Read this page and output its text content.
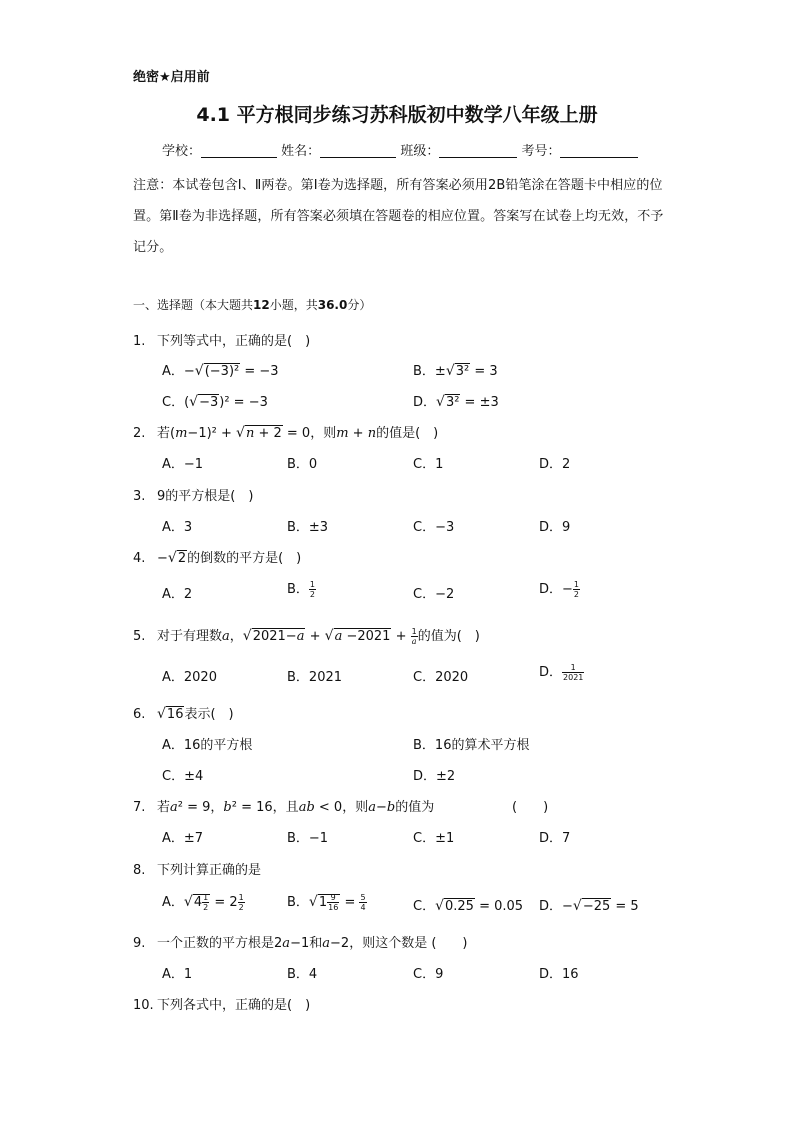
绝密★启用前
4.1 平方根同步练习苏科版初中数学八年级上册
学校：	姓名：	班级：	考号：
注意：本试卷包含Ⅰ、Ⅱ两卷。第Ⅰ卷为选择题，所有答案必须用2B铅笔涂在答题卡中相应的位置。第Ⅱ卷为非选择题，所有答案必须填在答题卷的相应位置。答案写在试卷上均无效，不予记分。
一、选择题（本大题共12小题，共36.0分）
1. 下列等式中，正确的是(　)
A．−√(−3)² = −3	B．±√3² = 3
C．(√−3)² = −3	D．√3² = ±3
2. 若(m−1)² + √n + 2 = 0，则m + n的值是(　)
A．−1	B．0	C．1	D．2
3. 9的平方根是(　)
A．3	B．±3	C．−3	D．9
4. −√2的倒数的平方是(　)
A．2	B． $\frac{1}{2}$	C．−2	D．− $\frac{1}{2}$
5. 对于有理数a，$√2021-a + √a -2021 + \frac{1}{a}$ 的值为(　)
A．2020	B．2021	C．2020	D． $\frac{1}{2021}$
6. √16表示(　)
A．16的平方根	B．16的算术平方根
C．±4	D．±2
7. 若a² = 9，b² = 16，且ab < 0，则a−b的值为	(　　)
A．±7	B．−1	C．±1	D．7
8. 下列计算正确的是
A．$√4 \frac{1}{2} = 2 \frac{1}{2}$	B．$√1 \frac{9}{16} = \frac{5}{4}$	C．√0.25 = 0.05 D．−√−25 = 5
9. 一个正数的平方根是2a−1和a−2，则这个数是 (　　)
A．1	B．4	C．9	D．16
10. 下列各式中，正确的是(　)
